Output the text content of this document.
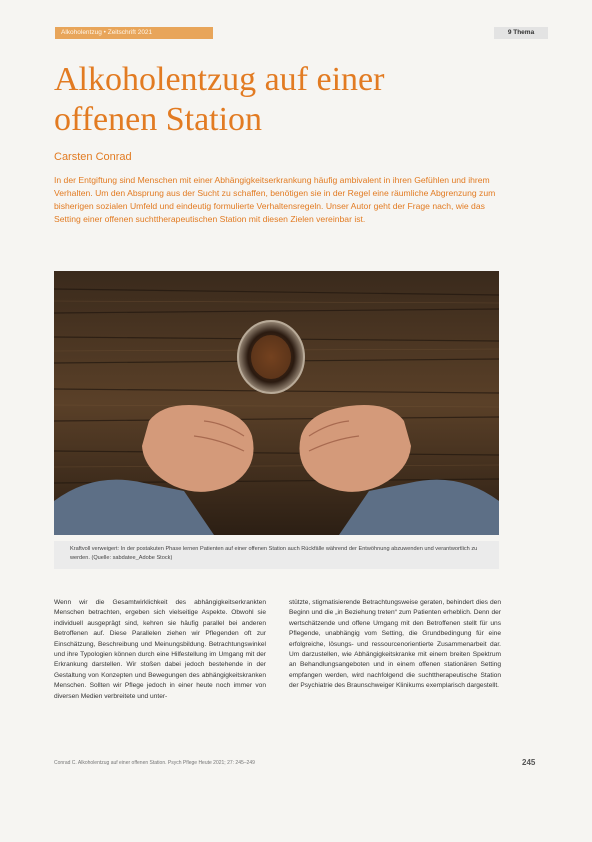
Alkoholentzug • Zeitschrift 2021	9 Thema
Alkoholentzug auf einer offenen Station
Carsten Conrad

In der Entgiftung sind Menschen mit einer Abhängigkeitserkrankung häufig ambivalent in ihren Gefühlen und ihrem Verhalten. Um den Absprung aus der Sucht zu schaffen, benötigen sie in der Regel eine räumliche Abgrenzung zum bisherigen sozialen Umfeld und eindeutig formulierte Verhaltensregeln. Unser Autor geht der Frage nach, wie das Setting einer offenen suchttherapeutischen Station mit diesen Zielen vereinbar ist.

Kraftvoll verweigert: In der postakuten Phase lernen Patienten auf einer offenen Station auch Rückfälle während der Entwöhnung abzuwenden und verantwortlich zu werden. (Quelle: sabdatee_Adobe Stock)

Wenn wir die Gesamtwirklichkeit des abhängigkeitserkrankten Menschen betrachten, ergeben sich vielseitige Aspekte. Obwohl sie individuell ausgeprägt sind, kehren sie häufig parallel bei anderen Betroffenen auf. Diese Parallelen ziehen wir Pflegenden oft zur Einschätzung, Beschreibung und Meinungsbildung. Betrachtungswinkel und ihre Typologien können durch eine Hilfestellung im Umgang mit der Erkrankung darstellen. Wir stoßen dabei jedoch bestehende in der Gestaltung von Konzepten und Bewegungen des abhängigkeitskranken Menschen. Sollten wir Pflege jedoch in einer heute noch immer von diversen Medien verbreitete und unter-

stützte, stigmatisierende Betrachtungsweise geraten, behindert dies den Beginn und die „in Beziehung treten“ zum Patienten erheblich. Denn der wertschätzende und offene Umgang mit den Betroffenen stellt für uns Pflegende, unabhängig vom Setting, die Grundbedingung für eine erfolgreiche, lösungs- und ressourcenorientierte Zusammenarbeit dar. Um darzustellen, wie Abhängigkeitskranke mit einem breiten Spektrum an Behandlungsangeboten und in einem offenen stationären Setting empfangen werden, wird nachfolgend die suchttherapeutische Station der Psychiatrie des Braunschweiger Klinikums exemplarisch dargestellt.

Conrad C. Alkoholentzug auf einer offenen Station. Psych Pflege Heute 2021; 27: 245–249	245
